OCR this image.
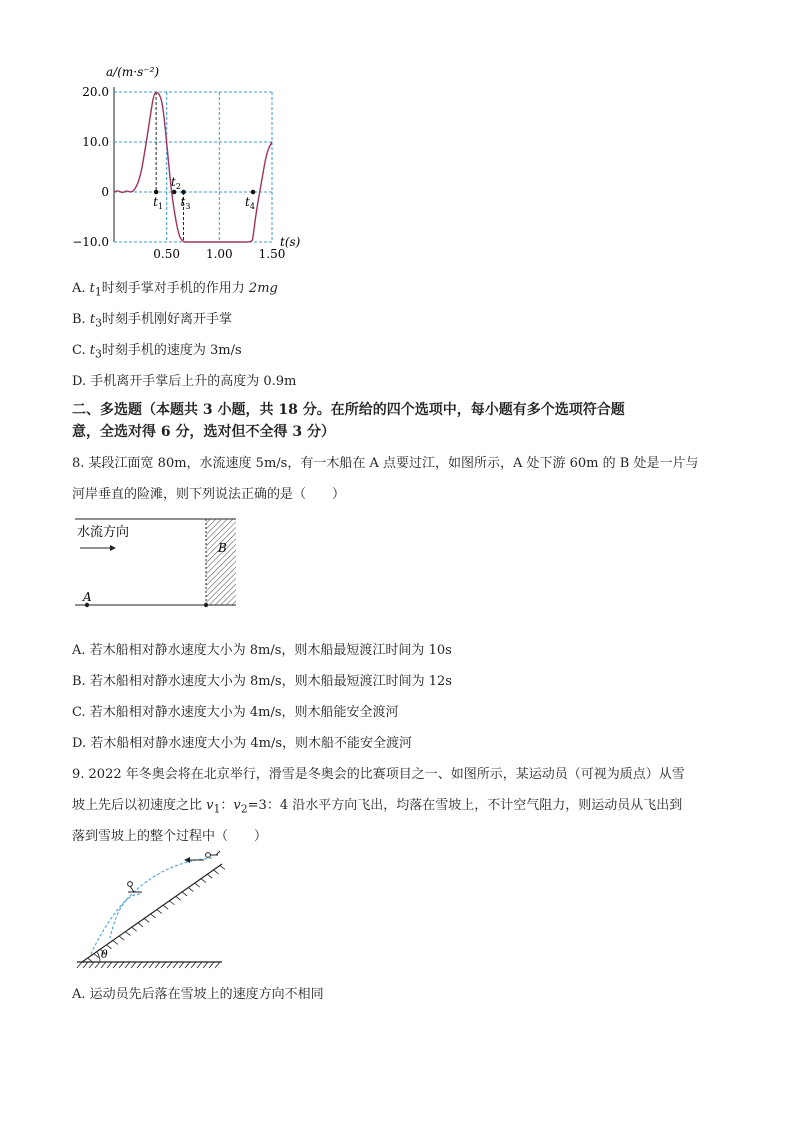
20.0
10.0
0
−10.0
0.50 1.00 1.50
$t_1$
$t_2$
$t_3$	$t_4$
a/(m·s⁻²)
t(s)
A. $t_1$时刻手掌对手机的作用力 2mg
B. $t_3$时刻手机刚好离开手掌
C. $t_3$时刻手机的速度为 3m/s
D. 手机离开手掌后上升的高度为 0.9m
二、多选题（本题共 3 小题，共 18 分。在所给的四个选项中，每小题有多个选项符合题
意，全选对得 6 分，选对但不全得 3 分）
8. 某段江面宽 80m，水流速度 5m/s，有一木船在 A 点要过江，如图所示，A 处下游 60m 的 B 处是一片与
河岸垂直的险滩，则下列说法正确的是（　　）
水流方向
B
A
A. 若木船相对静水速度大小为 8m/s，则木船最短渡江时间为 10s
B. 若木船相对静水速度大小为 8m/s，则木船最短渡江时间为 12s
C. 若木船相对静水速度大小为 4m/s，则木船能安全渡河
D. 若木船相对静水速度大小为 4m/s，则木船不能安全渡河
9. 2022 年冬奥会将在北京举行，滑雪是冬奥会的比赛项目之一、如图所示，某运动员（可视为质点）从雪
坡上先后以初速度之比 $v_1$：$v_2=3$：4 沿水平方向飞出，均落在雪坡上，不计空气阻力，则运动员从飞出到
落到雪坡上的整个过程中（　　）
θ
A. 运动员先后落在雪坡上的速度方向不相同
